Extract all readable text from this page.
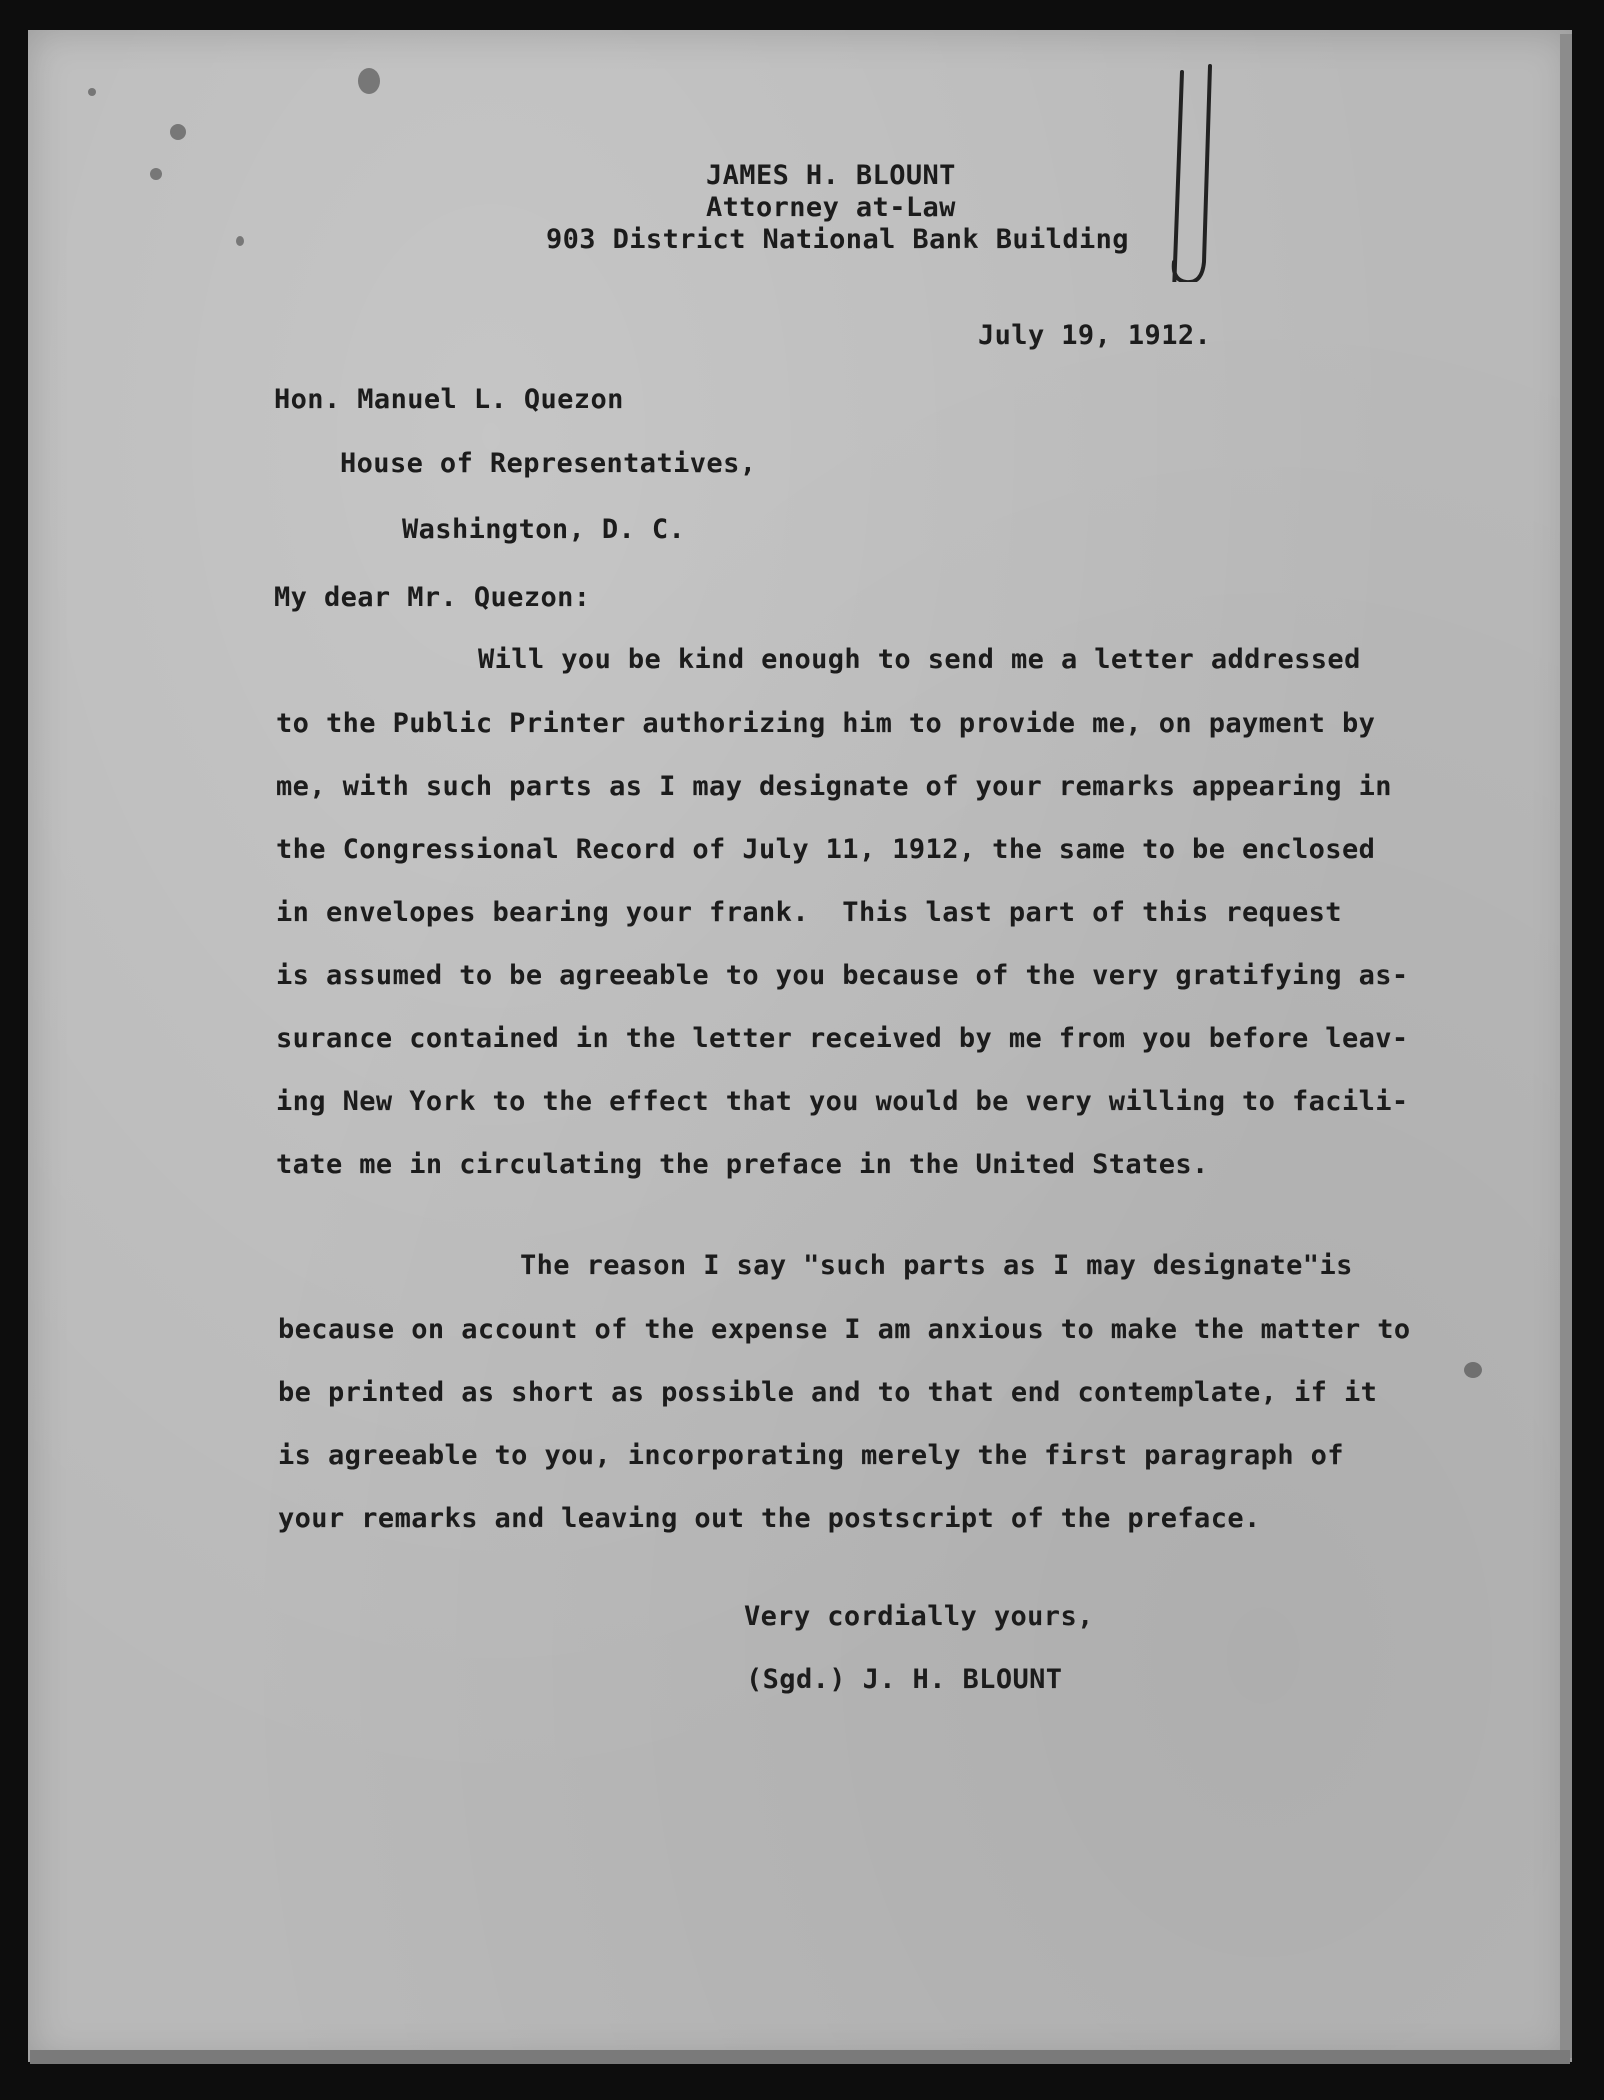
JAMES H. BLOUNT
Attorney at-Law
903 District National Bank Building
July 19, 1912.
Hon. Manuel L. Quezon
House of Representatives,
Washington, D. C.
My dear Mr. Quezon:
Will you be kind enough to send me a letter addressed
to the Public Printer authorizing him to provide me, on payment by
me, with such parts as I may designate of your remarks appearing in
the Congressional Record of July 11, 1912, the same to be enclosed
in envelopes bearing your frank.  This last part of this request
is assumed to be agreeable to you because of the very gratifying as-
surance contained in the letter received by me from you before leav-
ing New York to the effect that you would be very willing to facili-
tate me in circulating the preface in the United States.
The reason I say "such parts as I may designate"is
because on account of the expense I am anxious to make the matter to
be printed as short as possible and to that end contemplate, if it
is agreeable to you, incorporating merely the first paragraph of
your remarks and leaving out the postscript of the preface.
Very cordially yours,
(Sgd.) J. H. BLOUNT
